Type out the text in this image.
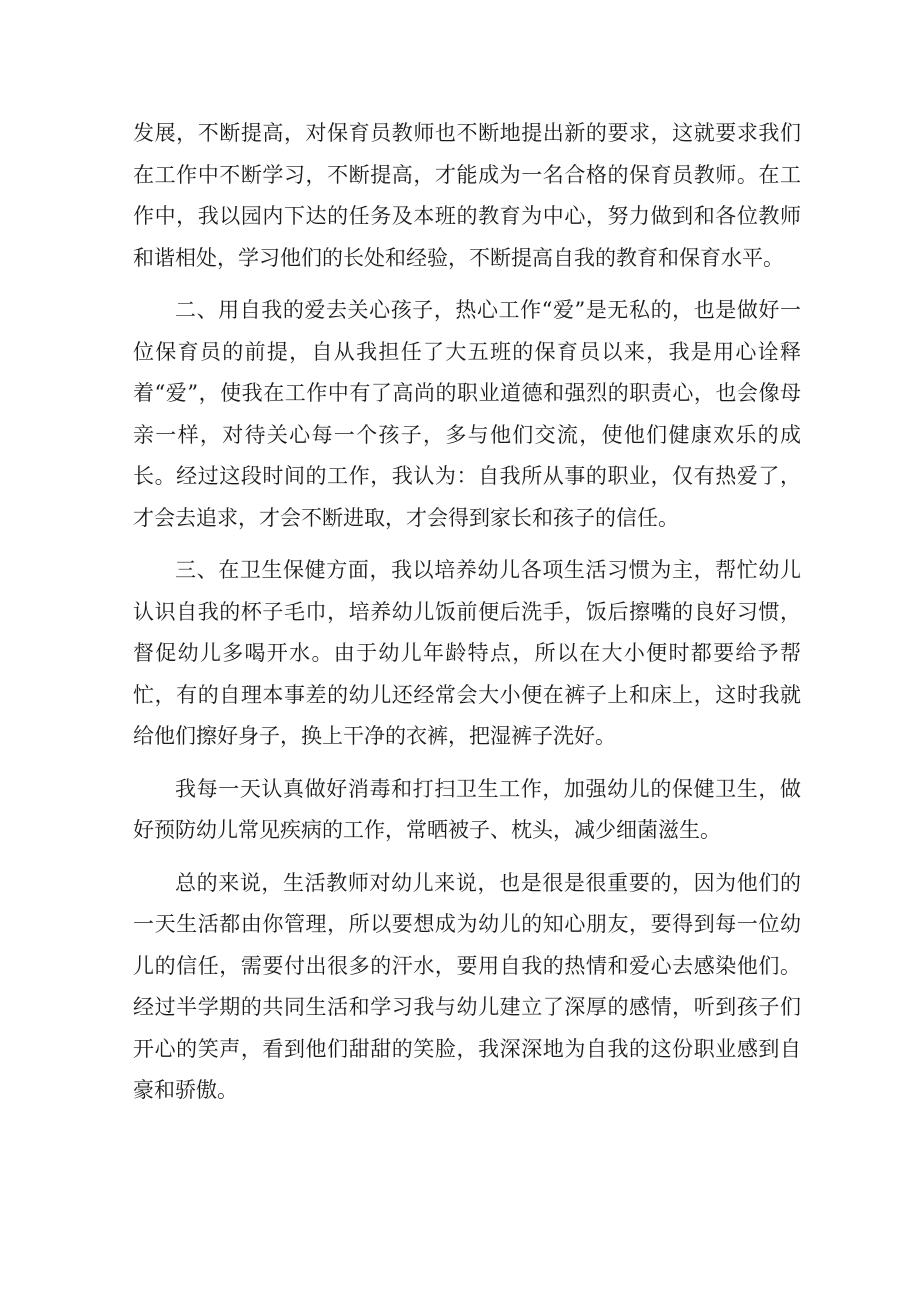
发展，不断提高，对保育员教师也不断地提出新的要求，这就要求我们在工作中不断学习，不断提高，才能成为一名合格的保育员教师。在工作中，我以园内下达的任务及本班的教育为中心，努力做到和各位教师和谐相处，学习他们的长处和经验，不断提高自我的教育和保育水平。

二、用自我的爱去关心孩子，热心工作“爱”是无私的，也是做好一位保育员的前提，自从我担任了大五班的保育员以来，我是用心诠释着“爱”，使我在工作中有了高尚的职业道德和强烈的职责心，也会像母亲一样，对待关心每一个孩子，多与他们交流，使他们健康欢乐的成长。经过这段时间的工作，我认为：自我所从事的职业，仅有热爱了，才会去追求，才会不断进取，才会得到家长和孩子的信任。

三、在卫生保健方面，我以培养幼儿各项生活习惯为主，帮忙幼儿认识自我的杯子毛巾，培养幼儿饭前便后洗手，饭后擦嘴的良好习惯，督促幼儿多喝开水。由于幼儿年龄特点，所以在大小便时都要给予帮忙，有的自理本事差的幼儿还经常会大小便在裤子上和床上，这时我就给他们擦好身子，换上干净的衣裤，把湿裤子洗好。

我每一天认真做好消毒和打扫卫生工作，加强幼儿的保健卫生，做好预防幼儿常见疾病的工作，常晒被子、枕头，减少细菌滋生。

总的来说，生活教师对幼儿来说，也是很是很重要的，因为他们的一天生活都由你管理，所以要想成为幼儿的知心朋友，要得到每一位幼儿的信任，需要付出很多的汗水，要用自我的热情和爱心去感染他们。经过半学期的共同生活和学习我与幼儿建立了深厚的感情，听到孩子们开心的笑声，看到他们甜甜的笑脸，我深深地为自我的这份职业感到自豪和骄傲。
